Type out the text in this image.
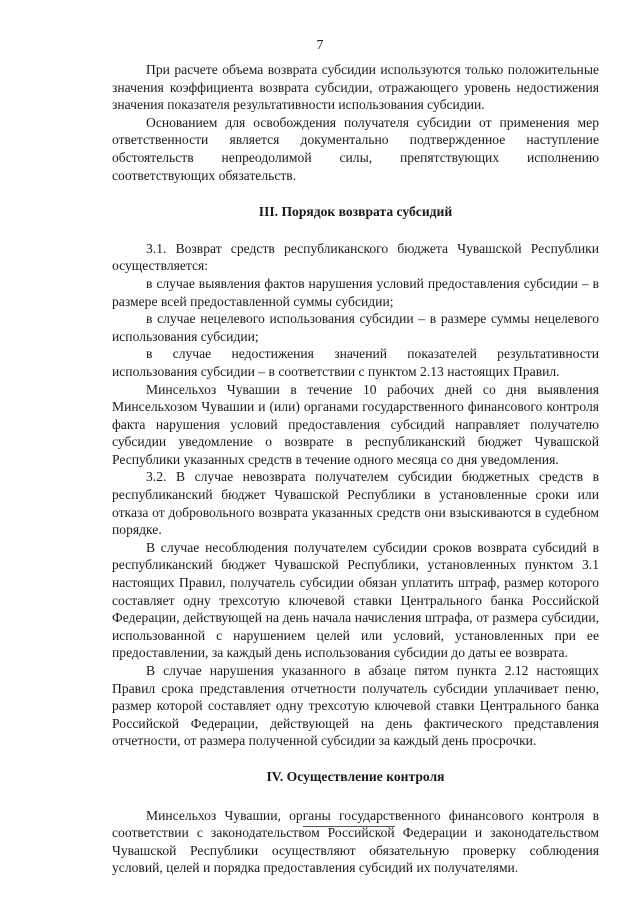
7

При расчете объема возврата субсидии используются только положительные значения коэффициента возврата субсидии, отражающего уровень недостижения значения показателя результативности использования субсидии.

Основанием для освобождения получателя субсидии от применения мер ответственности является документально подтвержденное наступление обстоятельств непреодолимой силы, препятствующих исполнению соответствующих обязательств.

III. Порядок возврата субсидий

3.1. Возврат средств республиканского бюджета Чувашской Республики осуществляется:

в случае выявления фактов нарушения условий предоставления субсидии – в размере всей предоставленной суммы субсидии;

в случае нецелевого использования субсидии – в размере суммы нецелевого использования субсидии;

в случае недостижения значений показателей результативности использования субсидии – в соответствии с пунктом 2.13 настоящих Правил.

Минсельхоз Чувашии в течение 10 рабочих дней со дня выявления Минсельхозом Чувашии и (или) органами государственного финансового контроля факта нарушения условий предоставления субсидий направляет получателю субсидии уведомление о возврате в республиканский бюджет Чувашской Республики указанных средств в течение одного месяца со дня уведомления.

3.2. В случае невозврата получателем субсидии бюджетных средств в республиканский бюджет Чувашской Республики в установленные сроки или отказа от добровольного возврата указанных средств они взыскиваются в судебном порядке.

В случае несоблюдения получателем субсидии сроков возврата субсидий в республиканский бюджет Чувашской Республики, установленных пунктом 3.1 настоящих Правил, получатель субсидии обязан уплатить штраф, размер которого составляет одну трехсотую ключевой ставки Центрального банка Российской Федерации, действующей на день начала начисления штрафа, от размера субсидии, использованной с нарушением целей или условий, установленных при ее предоставлении, за каждый день использования субсидии до даты ее возврата.

В случае нарушения указанного в абзаце пятом пункта 2.12 настоящих Правил срока представления отчетности получатель субсидии уплачивает пеню, размер которой составляет одну трехсотую ключевой ставки Центрального банка Российской Федерации, действующей на день фактического представления отчетности, от размера полученной субсидии за каждый день просрочки.

IV. Осуществление контроля

Минсельхоз Чувашии, органы государственного финансового контроля в соответствии с законодательством Российской Федерации и законодательством Чувашской Республики осуществляют обязательную проверку соблюдения условий, целей и порядка предоставления субсидий их получателями.
